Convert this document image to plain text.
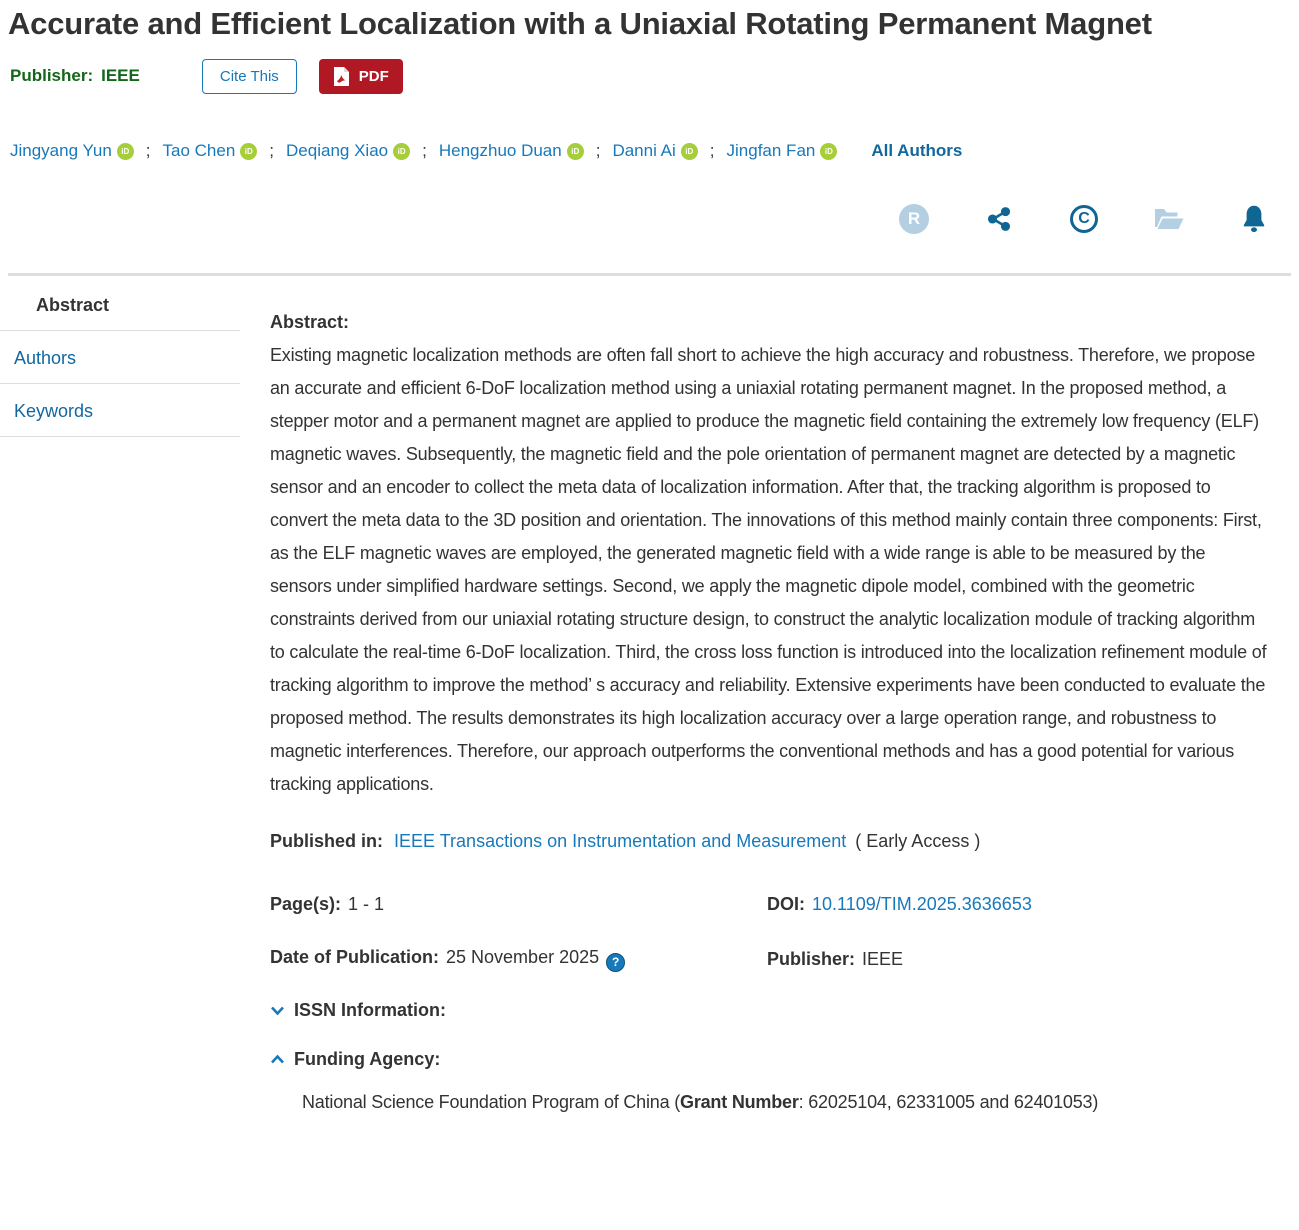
Accurate and Efficient Localization with a Uniaxial Rotating Permanent Magnet
Publisher: IEEE	Cite This	PDF
Jingyang Yun	iD ; Tao Chen	iD ; Deqiang Xiao	iD ; Hengzhuo Duan	iD ; Danni Ai	iD ; Jingfan Fan	iD All Authors
R	C
Abstract
Authors
Keywords
Abstract:

Existing magnetic localization methods are often fall short to achieve the high accuracy and robustness. Therefore, we propose an accurate and efficient 6-DoF localization method using a uniaxial rotating permanent magnet. In the proposed method, a stepper motor and a permanent magnet are applied to produce the magnetic field containing the extremely low frequency (ELF) magnetic waves. Subsequently, the magnetic field and the pole orientation of permanent magnet are detected by a magnetic sensor and an encoder to collect the meta data of localization information. After that, the tracking algorithm is proposed to convert the meta data to the 3D position and orientation. The innovations of this method mainly contain three components: First, as the ELF magnetic waves are employed, the generated magnetic field with a wide range is able to be measured by the sensors under simplified hardware settings. Second, we apply the magnetic dipole model, combined with the geometric constraints derived from our uniaxial rotating structure design, to construct the analytic localization module of tracking algorithm to calculate the real-time 6-DoF localization. Third, the cross loss function is introduced into the localization refinement module of tracking algorithm to improve the method’ s accuracy and reliability. Extensive experiments have been conducted to evaluate the proposed method. The results demonstrates its high localization accuracy over a large operation range, and robustness to magnetic interferences. Therefore, our approach outperforms the conventional methods and has a good potential for various tracking applications.

Published in: IEEE Transactions on Instrumentation and Measurement ( Early Access )
Page(s): 1 - 1	DOI: 10.1109/TIM.2025.3636653
Date of Publication: 25 November 2025 ?	Publisher: IEEE
ISSN Information:
Funding Agency:
National Science Foundation Program of China (Grant Number: 62025104, 62331005 and 62401053)
